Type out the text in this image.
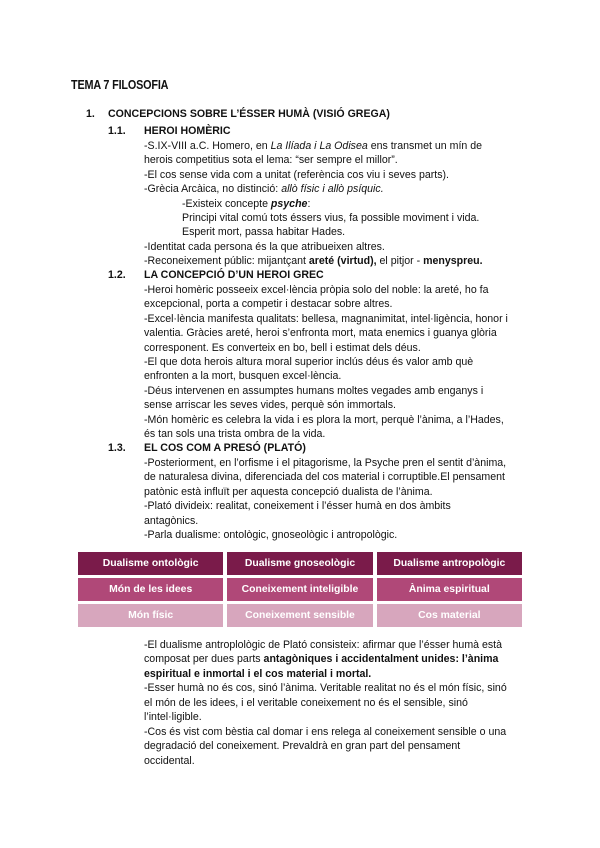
TEMA 7 FILOSOFIA
1. CONCEPCIONS SOBRE L’ÉSSER HUMÀ (VISIÓ GREGA)
1.1. HEROI HOMÈRIC
-S.IX-VIII a.C. Homero, en La Ilíada i La Odisea ens transmet un mín de
herois competitius sota el lema: “ser sempre el millor”.
-El cos sense vida com a unitat (referència cos viu i seves parts).
-Grècia Arcàica, no distinció: allò físic i allò psíquic.
-Existeix concepte psyche:
Principi vital comú tots éssers vius, fa possible moviment i vida.
Esperit mort, passa habitar Hades.
-Identitat cada persona és la que atribueixen altres.
-Reconeixement públic: mijantçant areté (virtud), el pitjor - menyspreu.
1.2. LA CONCEPCIÓ D’UN HEROI GREC
-Heroi homèric posseeix excel·lència pròpia solo del noble: la areté, ho fa
excepcional, porta a competir i destacar sobre altres.
-Excel·lència manifesta qualitats: bellesa, magnanimitat, intel·ligència, honor i
valentia. Gràcies areté, heroi s’enfronta mort, mata enemics i guanya glòria
corresponent. Es converteix en bo, bell i estimat dels déus.
-El que dota herois altura moral superior inclús déus és valor amb què
enfronten a la mort, busquen excel·lència.
-Déus intervenen en assumptes humans moltes vegades amb enganys i
sense arriscar les seves vides, perquè són immortals.
-Món homèric es celebra la vida i es plora la mort, perquè l’ànima, a l’Hades,
és tan sols una trista ombra de la vida.
1.3. EL COS COM A PRESÓ (PLATÓ)
-Posteriorment, en l’orfisme i el pitagorisme, la Psyche pren el sentit d’ànima,
de naturalesa divina, diferenciada del cos material i corruptible.El pensament
patònic està influït per aquesta concepció dualista de l’ànima.
-Plató divideix: realitat, coneixement i l’ésser humà en dos àmbits
antagònics.
-Parla dualisme: ontològic, gnoseològic i antropològic.
Dualisme ontològic	Dualisme gnoseològic	Dualisme antropològic
Món de les idees	Coneixement inteligible	Ànima espiritual
Món físic	Coneixement sensible	Cos material
-El dualisme antroplològic de Plató consisteix: afirmar que l’ésser humà està
composat per dues parts antagòniques i accidentalment unides: l’ànima
espiritual e inmortal i el cos material i mortal.
-Esser humà no és cos, sinó l’ànima. Veritable realitat no és el món físic, sinó
el món de les idees, i el veritable coneixement no és el sensible, sinó
l’intel·ligible.
-Cos és vist com bèstia cal domar i ens relega al coneixement sensible o una
degradació del coneixement. Prevaldrà en gran part del pensament
occidental.
